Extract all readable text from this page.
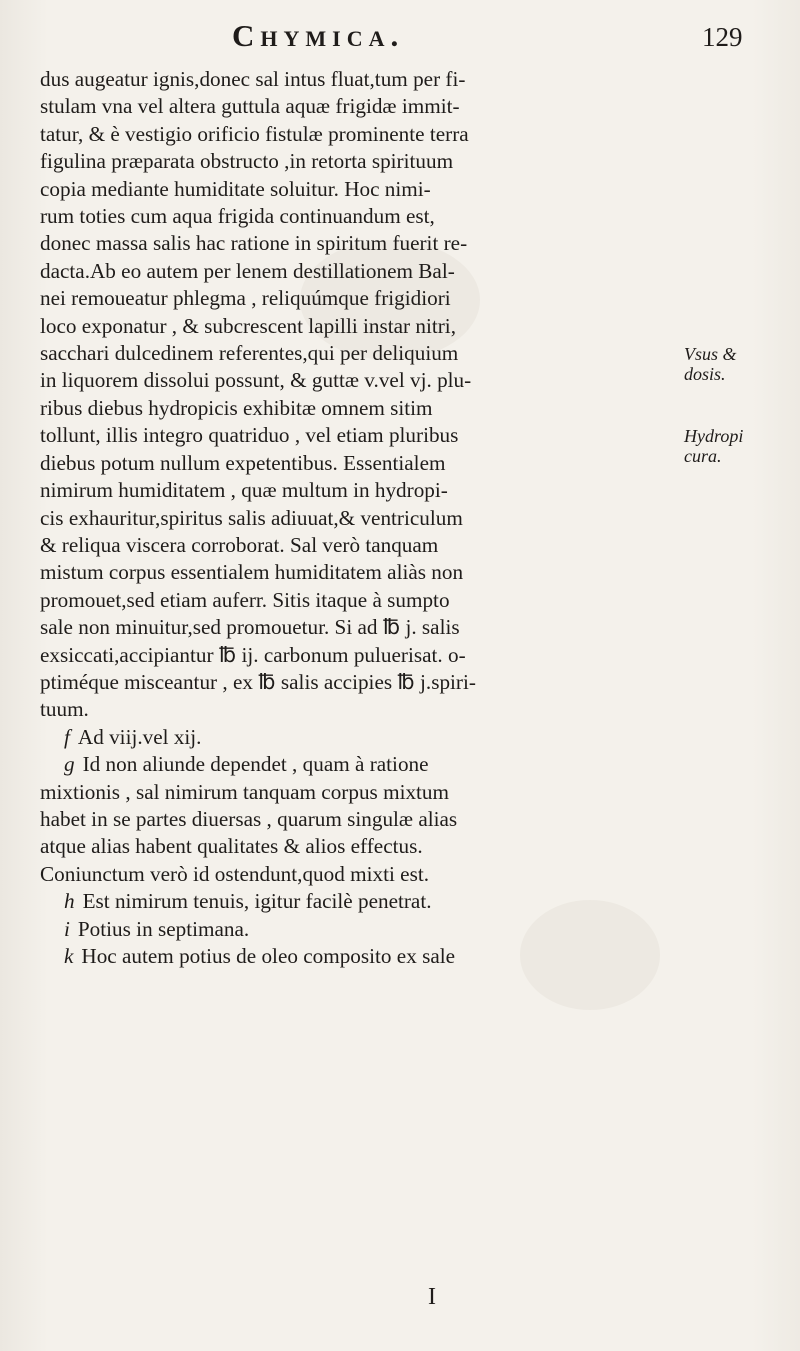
Chymica.	129
dus augeatur ignis,donec sal intus fluat,tum per fi-
stulam vna vel altera guttula aquæ frigidæ immit-
tatur, & è vestigio orificio fistulæ prominente terra
figulina præparata obstructo ,in retorta spirituum
copia mediante humiditate soluitur. Hoc nimi-
rum toties cum aqua frigida continuandum est,
donec massa salis hac ratione in spiritum fuerit re-
dacta.Ab eo autem per lenem destillationem Bal-
nei remoueatur phlegma , reliquúmque frigidiori
loco exponatur , & subcrescent lapilli instar nitri,
sacchari dulcedinem referentes,qui per deliquium
in liquorem dissolui possunt, & guttæ v.vel vj. plu-
ribus diebus hydropicis exhibitæ omnem sitim
tollunt, illis integro quatriduo , vel etiam pluribus
diebus potum nullum expetentibus. Essentialem
nimirum humiditatem , quæ multum in hydropi-
cis exhauritur,spiritus salis adiuuat,& ventriculum
& reliqua viscera corroborat. Sal verò tanquam
mistum corpus essentialem humiditatem aliàs non
promouet,sed etiam auferr. Sitis itaque à sumpto
sale non minuitur,sed promouetur. Si ad ℔ j. salis
exsiccati,accipiantur ℔ ij. carbonum puluerisat. o-
ptiméque misceantur , ex ℔ salis accipies ℔ j.spiri-
tuum.
f Ad viij.vel xij.
g Id non aliunde dependet , quam à ratione
mixtionis , sal nimirum tanquam corpus mixtum
habet in se partes diuersas , quarum singulæ alias
atque alias habent qualitates & alios effectus.
Coniunctum verò id ostendunt,quod mixti est.
h Est nimirum tenuis, igitur facilè penetrat.
i Potius in septimana.
k Hoc autem potius de oleo composito ex sale
Vsus &
dosis.
Hydropi
cura.
I
